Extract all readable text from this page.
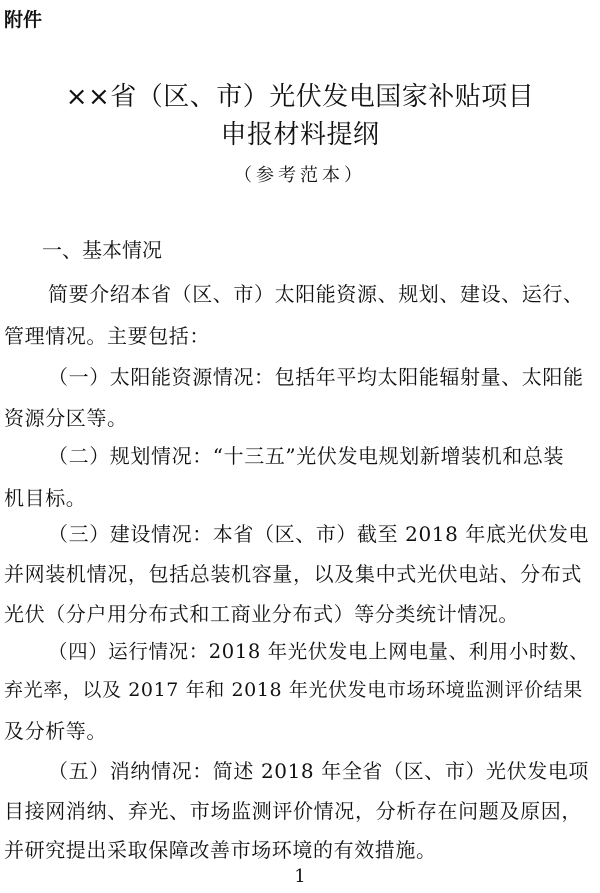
附件
××省（区、市）光伏发电国家补贴项目
申报材料提纲
（参考范本）
一、基本情况
简要介绍本省（区、市）太阳能资源、规划、建设、运行、
管理情况。主要包括：
（一）太阳能资源情况：包括年平均太阳能辐射量、太阳能
资源分区等。
（二）规划情况：“十三五”光伏发电规划新增装机和总装
机目标。
（三）建设情况：本省（区、市）截至 2018 年底光伏发电
并网装机情况，包括总装机容量，以及集中式光伏电站、分布式
光伏（分户用分布式和工商业分布式）等分类统计情况。
（四）运行情况：2018 年光伏发电上网电量、利用小时数、
弃光率，以及 2017 年和 2018 年光伏发电市场环境监测评价结果
及分析等。
（五）消纳情况：简述 2018 年全省（区、市）光伏发电项
目接网消纳、弃光、市场监测评价情况，分析存在问题及原因，
并研究提出采取保障改善市场环境的有效措施。
1
